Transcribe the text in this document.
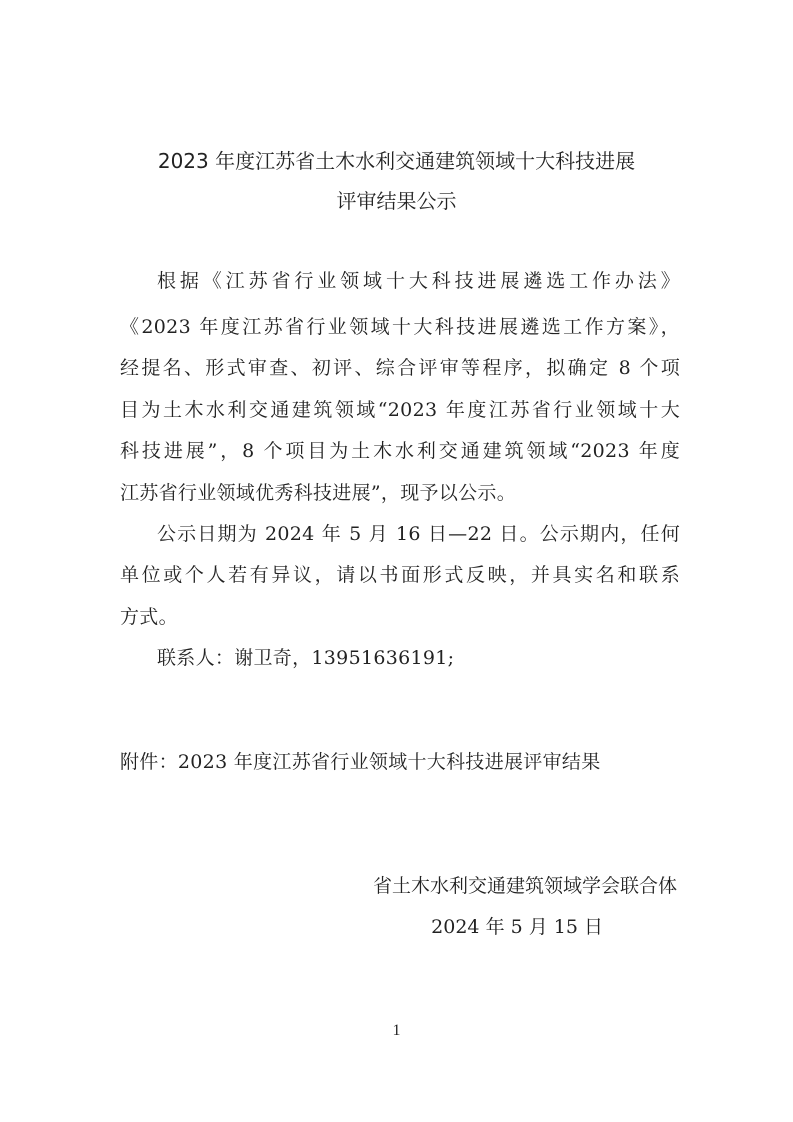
2023 年度江苏省土木水利交通建筑领域十大科技进展
评审结果公示
根据《江苏省行业领域十大科技进展遴选工作办法》
《2023 年度江苏省行业领域十大科技进展遴选工作方案》，
经提名、形式审查、初评、综合评审等程序，拟确定 8 个项
目为土木水利交通建筑领域“2023 年度江苏省行业领域十大
科技进展”，8 个项目为土木水利交通建筑领域“2023 年度
江苏省行业领域优秀科技进展”，现予以公示。
公示日期为 2024 年 5 月 16 日—22 日。公示期内，任何
单位或个人若有异议，请以书面形式反映，并具实名和联系
方式。
联系人：谢卫奇，13951636191;
附件：2023 年度江苏省行业领域十大科技进展评审结果
省土木水利交通建筑领域学会联合体
2024 年 5 月 15 日
1
